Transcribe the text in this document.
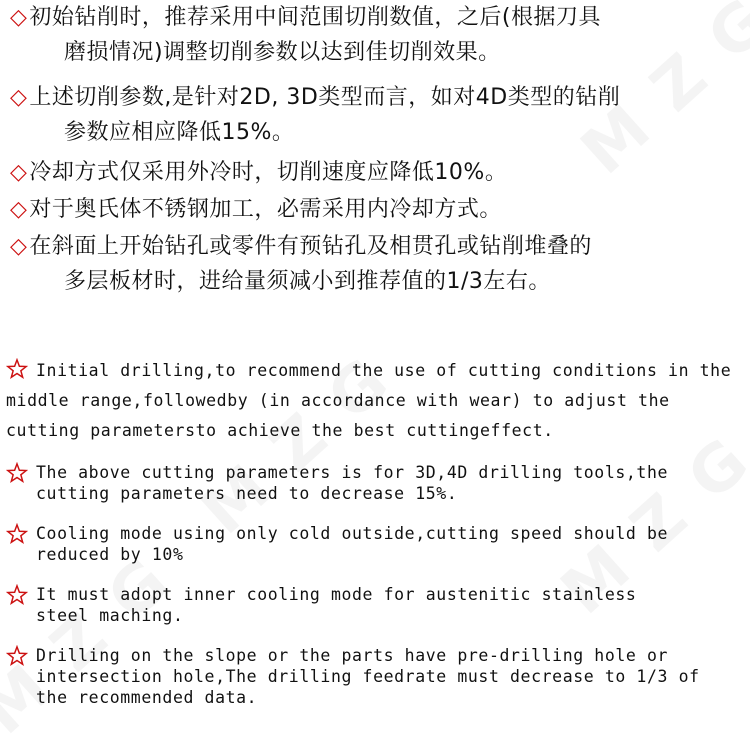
◇初始钻削时，推荐采用中间范围切削数值，之后(根据刀具
磨损情况)调整切削参数以达到佳切削效果。
◇上述切削参数,是针对2D, 3D类型而言，如对4D类型的钻削
参数应相应降低15%。
◇冷却方式仅采用外冷时，切削速度应降低10%。
◇对于奥氏体不锈钢加工，必需采用内冷却方式。
◇在斜面上开始钻孔或零件有预钻孔及相贯孔或钻削堆叠的
多层板材时，进给量须减小到推荐值的1/3左右。
Initial drilling,to recommend the use of cutting conditions in the
middle range,followedby (in accordance with wear) to adjust the
cutting parametersto achieve the best cuttingeffect.
The above cutting parameters is for 3D,4D drilling tools,the
cutting parameters need to decrease 15%.
Cooling mode using only cold outside,cutting speed should be
reduced by 10%
It must adopt inner cooling mode for austenitic stainless
steel maching.
Drilling on the slope or the parts have pre-drilling hole or
intersection hole,The drilling feedrate must decrease to 1/3 of
the recommended data.
